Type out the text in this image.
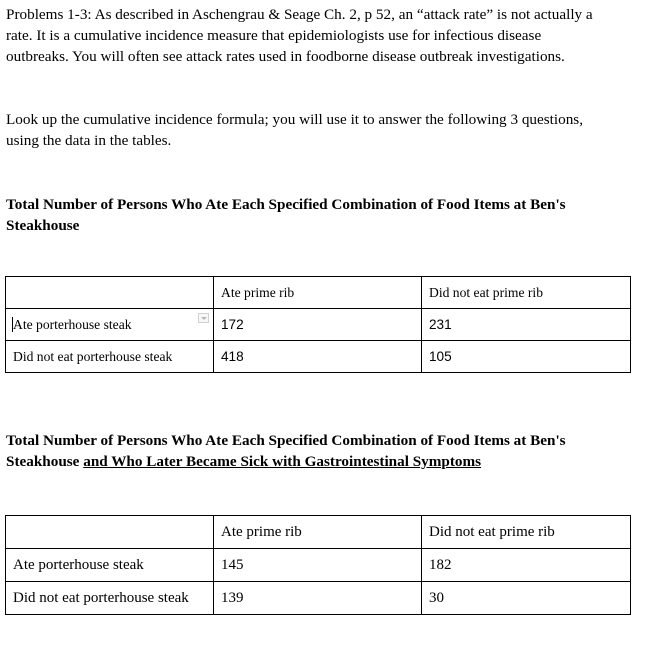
Problems 1-3: As described in Aschengrau & Seage Ch. 2, p 52, an “attack rate” is not actually a rate. It is a cumulative incidence measure that epidemiologists use for infectious disease outbreaks. You will often see attack rates used in foodborne disease outbreak investigations.

Look up the cumulative incidence formula; you will use it to answer the following 3 questions, using the data in the tables.

Total Number of Persons Who Ate Each Specified Combination of Food Items at Ben's Steakhouse

	Ate prime rib	Did not eat prime rib
Ate porterhouse steak	172	231
Did not eat porterhouse steak	418	105

Total Number of Persons Who Ate Each Specified Combination of Food Items at Ben's Steakhouse and Who Later Became Sick with Gastrointestinal Symptoms

	Ate prime rib	Did not eat prime rib
Ate porterhouse steak	145	182
Did not eat porterhouse steak	139	30
